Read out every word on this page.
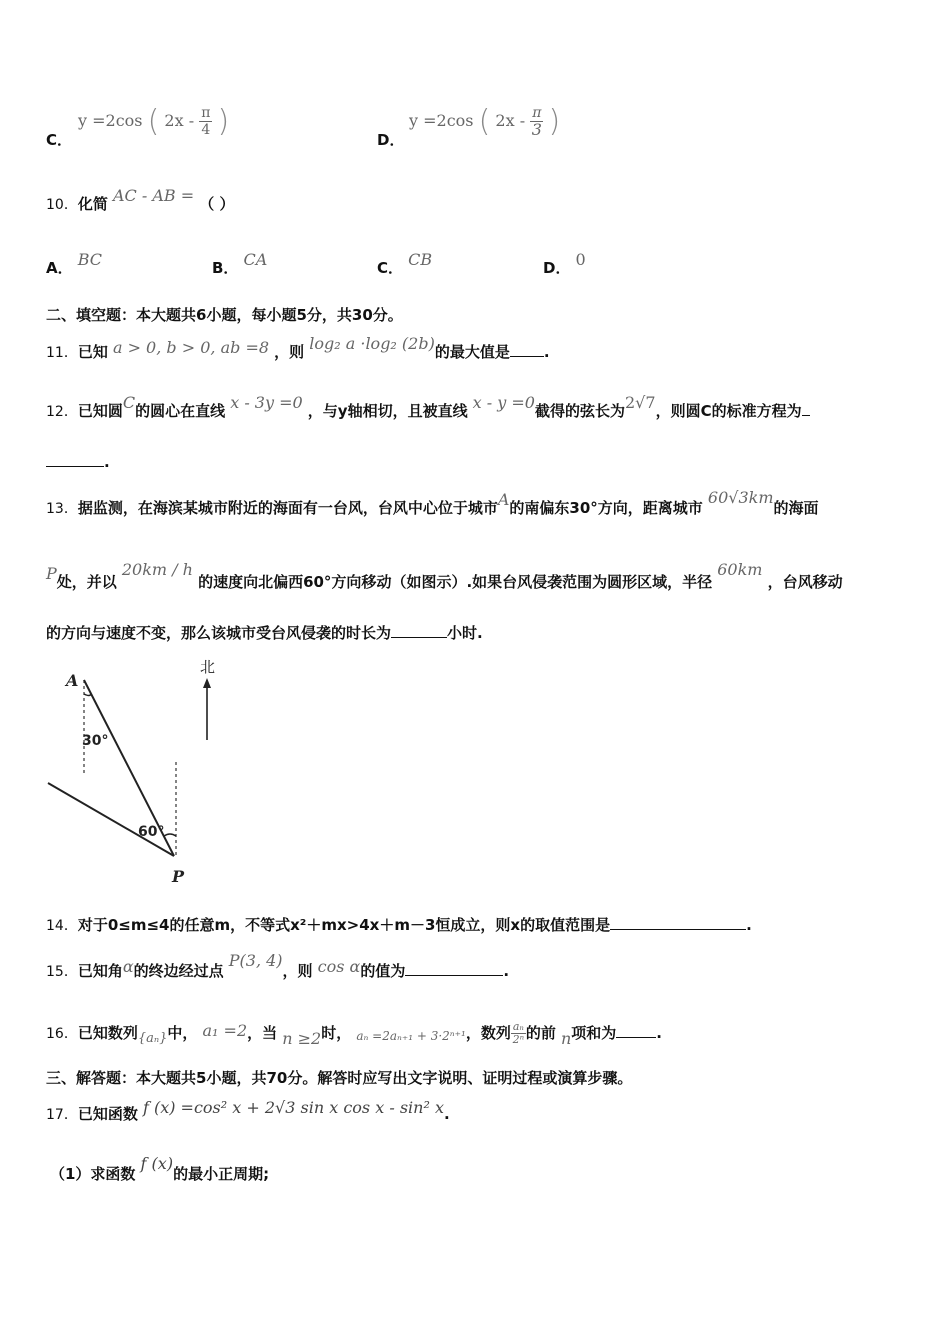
C．
y =2cos ( $2x - \frac{\pi}{4}$ )
D．
y =2cos ( $2x - \frac{\pi}{3}$ )
10．化简 AC - AB = （ ）
A． BC	B． CA	C． CB	D． 0
二、填空题：本大题共6小题，每小题5分，共30分。
11．已知 a > 0, b > 0, ab =8 ，则 log₂ a ·log₂ (2b)的最大值是 .
12．已知圆C的圆心在直线 x - 3y =0 ，与y轴相切，且被直线 x - y =0截得的弦长为2√7，则圆C的标准方程为
.
13．据监测，在海滨某城市附近的海面有一台风，台风中心位于城市A的南偏东30°方向，距离城市 60√3km的海面
P处，并以 20km / h 的速度向北偏西60°方向移动（如图示）.如果台风侵袭范围为圆形区域，半径 60km ，台风移动
的方向与速度不变，那么该城市受台风侵袭的时长为	小时.
北
A
P
30°
60°
14．对于0≤m≤4的任意m，不等式x²＋mx>4x＋m－3恒成立，则x的取值范围是	.
15．已知角α的终边经过点 P(3, 4)，则 cos α的值为	.
16．已知数列$_{\{a_n\}}$中， a₁ =2，当 n ≥2时， aₙ =2aₙ₊₁ + 3·2ⁿ⁺¹，数列 $\frac{\text{aₙ}}{\text{2ⁿ}}$的前 n项和为	.
三、解答题：本大题共5小题，共70分。解答时应写出文字说明、证明过程或演算步骤。
17．已知函数 f (x) =cos² x + 2√3 sin x cos x - sin² x.
（1）求函数 f (x)的最小正周期;
